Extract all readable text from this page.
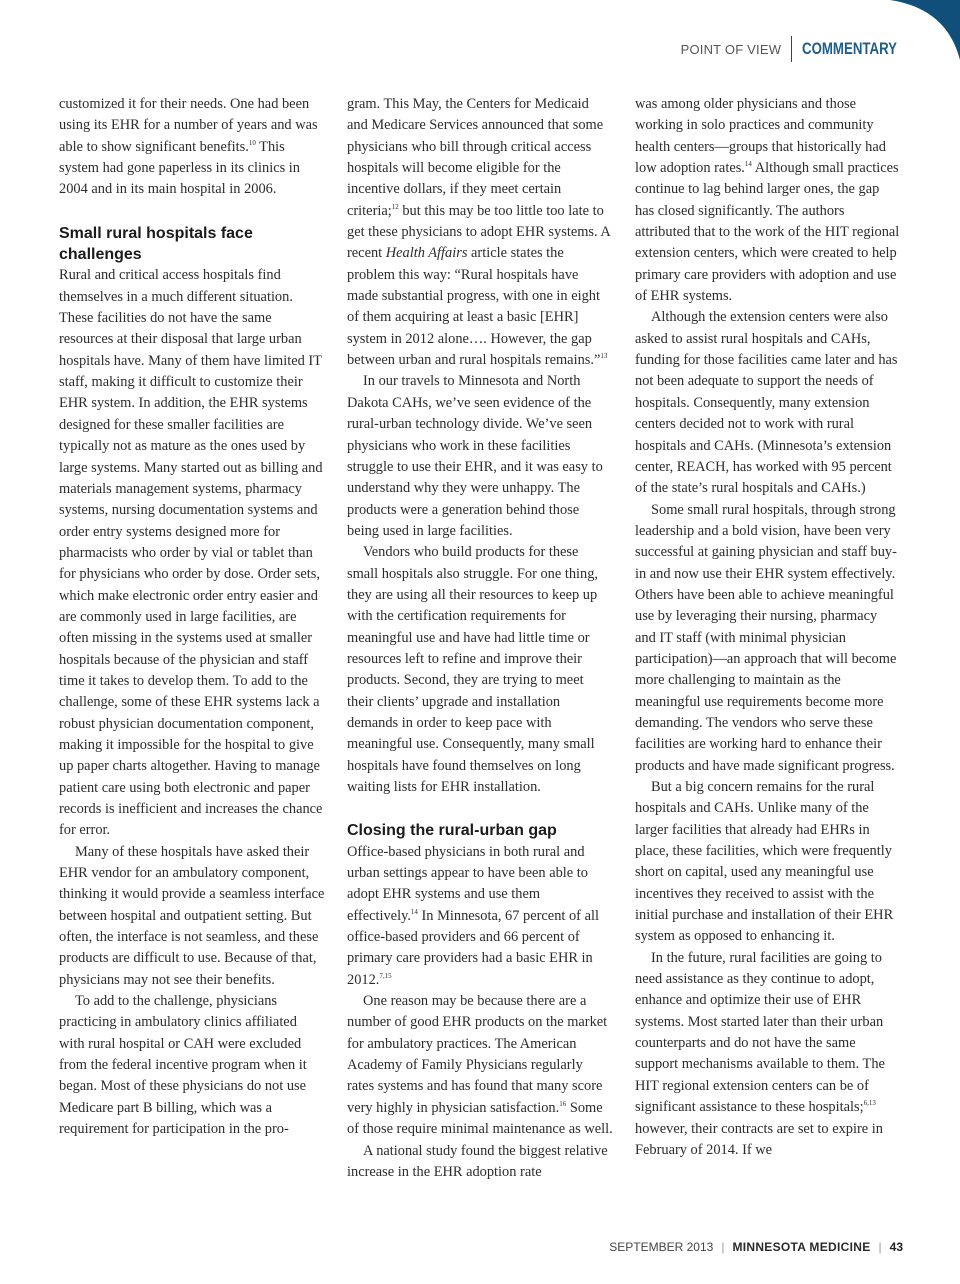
POINT OF VIEW COMMENTARY

customized it for their needs. One had been using its EHR for a number of years and was able to show significant benefits.$^{10}$ This system had gone paperless in its clinics in 2004 and in its main hospital in 2006.

Small rural hospitals face challenges

Rural and critical access hospitals find themselves in a much different situation. These facilities do not have the same resources at their disposal that large urban hospitals have. Many of them have limited IT staff, making it difficult to customize their EHR system. In addition, the EHR systems designed for these smaller facilities are typically not as mature as the ones used by large systems. Many started out as billing and materials management systems, pharmacy systems, nursing documentation systems and order entry systems designed more for pharmacists who order by vial or tablet than for physicians who order by dose. Order sets, which make electronic order entry easier and are commonly used in large facilities, are often missing in the systems used at smaller hospitals because of the physician and staff time it takes to develop them. To add to the challenge, some of these EHR systems lack a robust physician documentation component, making it impossible for the hospital to give up paper charts altogether. Having to manage patient care using both electronic and paper records is inefficient and increases the chance for error.

Many of these hospitals have asked their EHR vendor for an ambulatory component, thinking it would provide a seamless interface between hospital and outpatient setting. But often, the interface is not seamless, and these products are difficult to use. Because of that, physicians may not see their benefits.

To add to the challenge, physicians practicing in ambulatory clinics affiliated with rural hospital or CAH were excluded from the federal incentive program when it began. Most of these physicians do not use Medicare part B billing, which was a requirement for participation in the pro-

gram. This May, the Centers for Medicaid and Medicare Services announced that some physicians who bill through critical access hospitals will become eligible for the incentive dollars, if they meet certain criteria;$^{12}$ but this may be too little too late to get these physicians to adopt EHR systems. A recent Health Affairs article states the problem this way: “Rural hospitals have made substantial progress, with one in eight of them acquiring at least a basic [EHR] system in 2012 alone…. However, the gap between urban and rural hospitals remains.”$^{13}$

In our travels to Minnesota and North Dakota CAHs, we’ve seen evidence of the rural-urban technology divide. We’ve seen physicians who work in these facilities struggle to use their EHR, and it was easy to understand why they were unhappy. The products were a generation behind those being used in large facilities.

Vendors who build products for these small hospitals also struggle. For one thing, they are using all their resources to keep up with the certification requirements for meaningful use and have had little time or resources left to refine and improve their products. Second, they are trying to meet their clients’ upgrade and installation demands in order to keep pace with meaningful use. Consequently, many small hospitals have found themselves on long waiting lists for EHR installation.

Closing the rural-urban gap

Office-based physicians in both rural and urban settings appear to have been able to adopt EHR systems and use them effectively.$^{14}$ In Minnesota, 67 percent of all office-based providers and 66 percent of primary care providers had a basic EHR in 2012.$^{7,15}$

One reason may be because there are a number of good EHR products on the market for ambulatory practices. The American Academy of Family Physicians regularly rates systems and has found that many score very highly in physician satisfaction.$^{16}$ Some of those require minimal maintenance as well.

A national study found the biggest relative increase in the EHR adoption rate

was among older physicians and those working in solo practices and community health centers—groups that historically had low adoption rates.$^{14}$ Although small practices continue to lag behind larger ones, the gap has closed significantly. The authors attributed that to the work of the HIT regional extension centers, which were created to help primary care providers with adoption and use of EHR systems.

Although the extension centers were also asked to assist rural hospitals and CAHs, funding for those facilities came later and has not been adequate to support the needs of hospitals. Consequently, many extension centers decided not to work with rural hospitals and CAHs. (Minnesota’s extension center, REACH, has worked with 95 percent of the state’s rural hospitals and CAHs.)

Some small rural hospitals, through strong leadership and a bold vision, have been very successful at gaining physician and staff buy-in and now use their EHR system effectively. Others have been able to achieve meaningful use by leveraging their nursing, pharmacy and IT staff (with minimal physician participation)—an approach that will become more challenging to maintain as the meaningful use requirements become more demanding. The vendors who serve these facilities are working hard to enhance their products and have made significant progress.

But a big concern remains for the rural hospitals and CAHs. Unlike many of the larger facilities that already had EHRs in place, these facilities, which were frequently short on capital, used any meaningful use incentives they received to assist with the initial purchase and installation of their EHR system as opposed to enhancing it.

In the future, rural facilities are going to need assistance as they continue to adopt, enhance and optimize their use of EHR systems. Most started later than their urban counterparts and do not have the same support mechanisms available to them. The HIT regional extension centers can be of significant assistance to these hospitals;$^{6,13}$ however, their contracts are set to expire in February of 2014. If we

SEPTEMBER 2013 | MINNESOTA MEDICINE | 43
